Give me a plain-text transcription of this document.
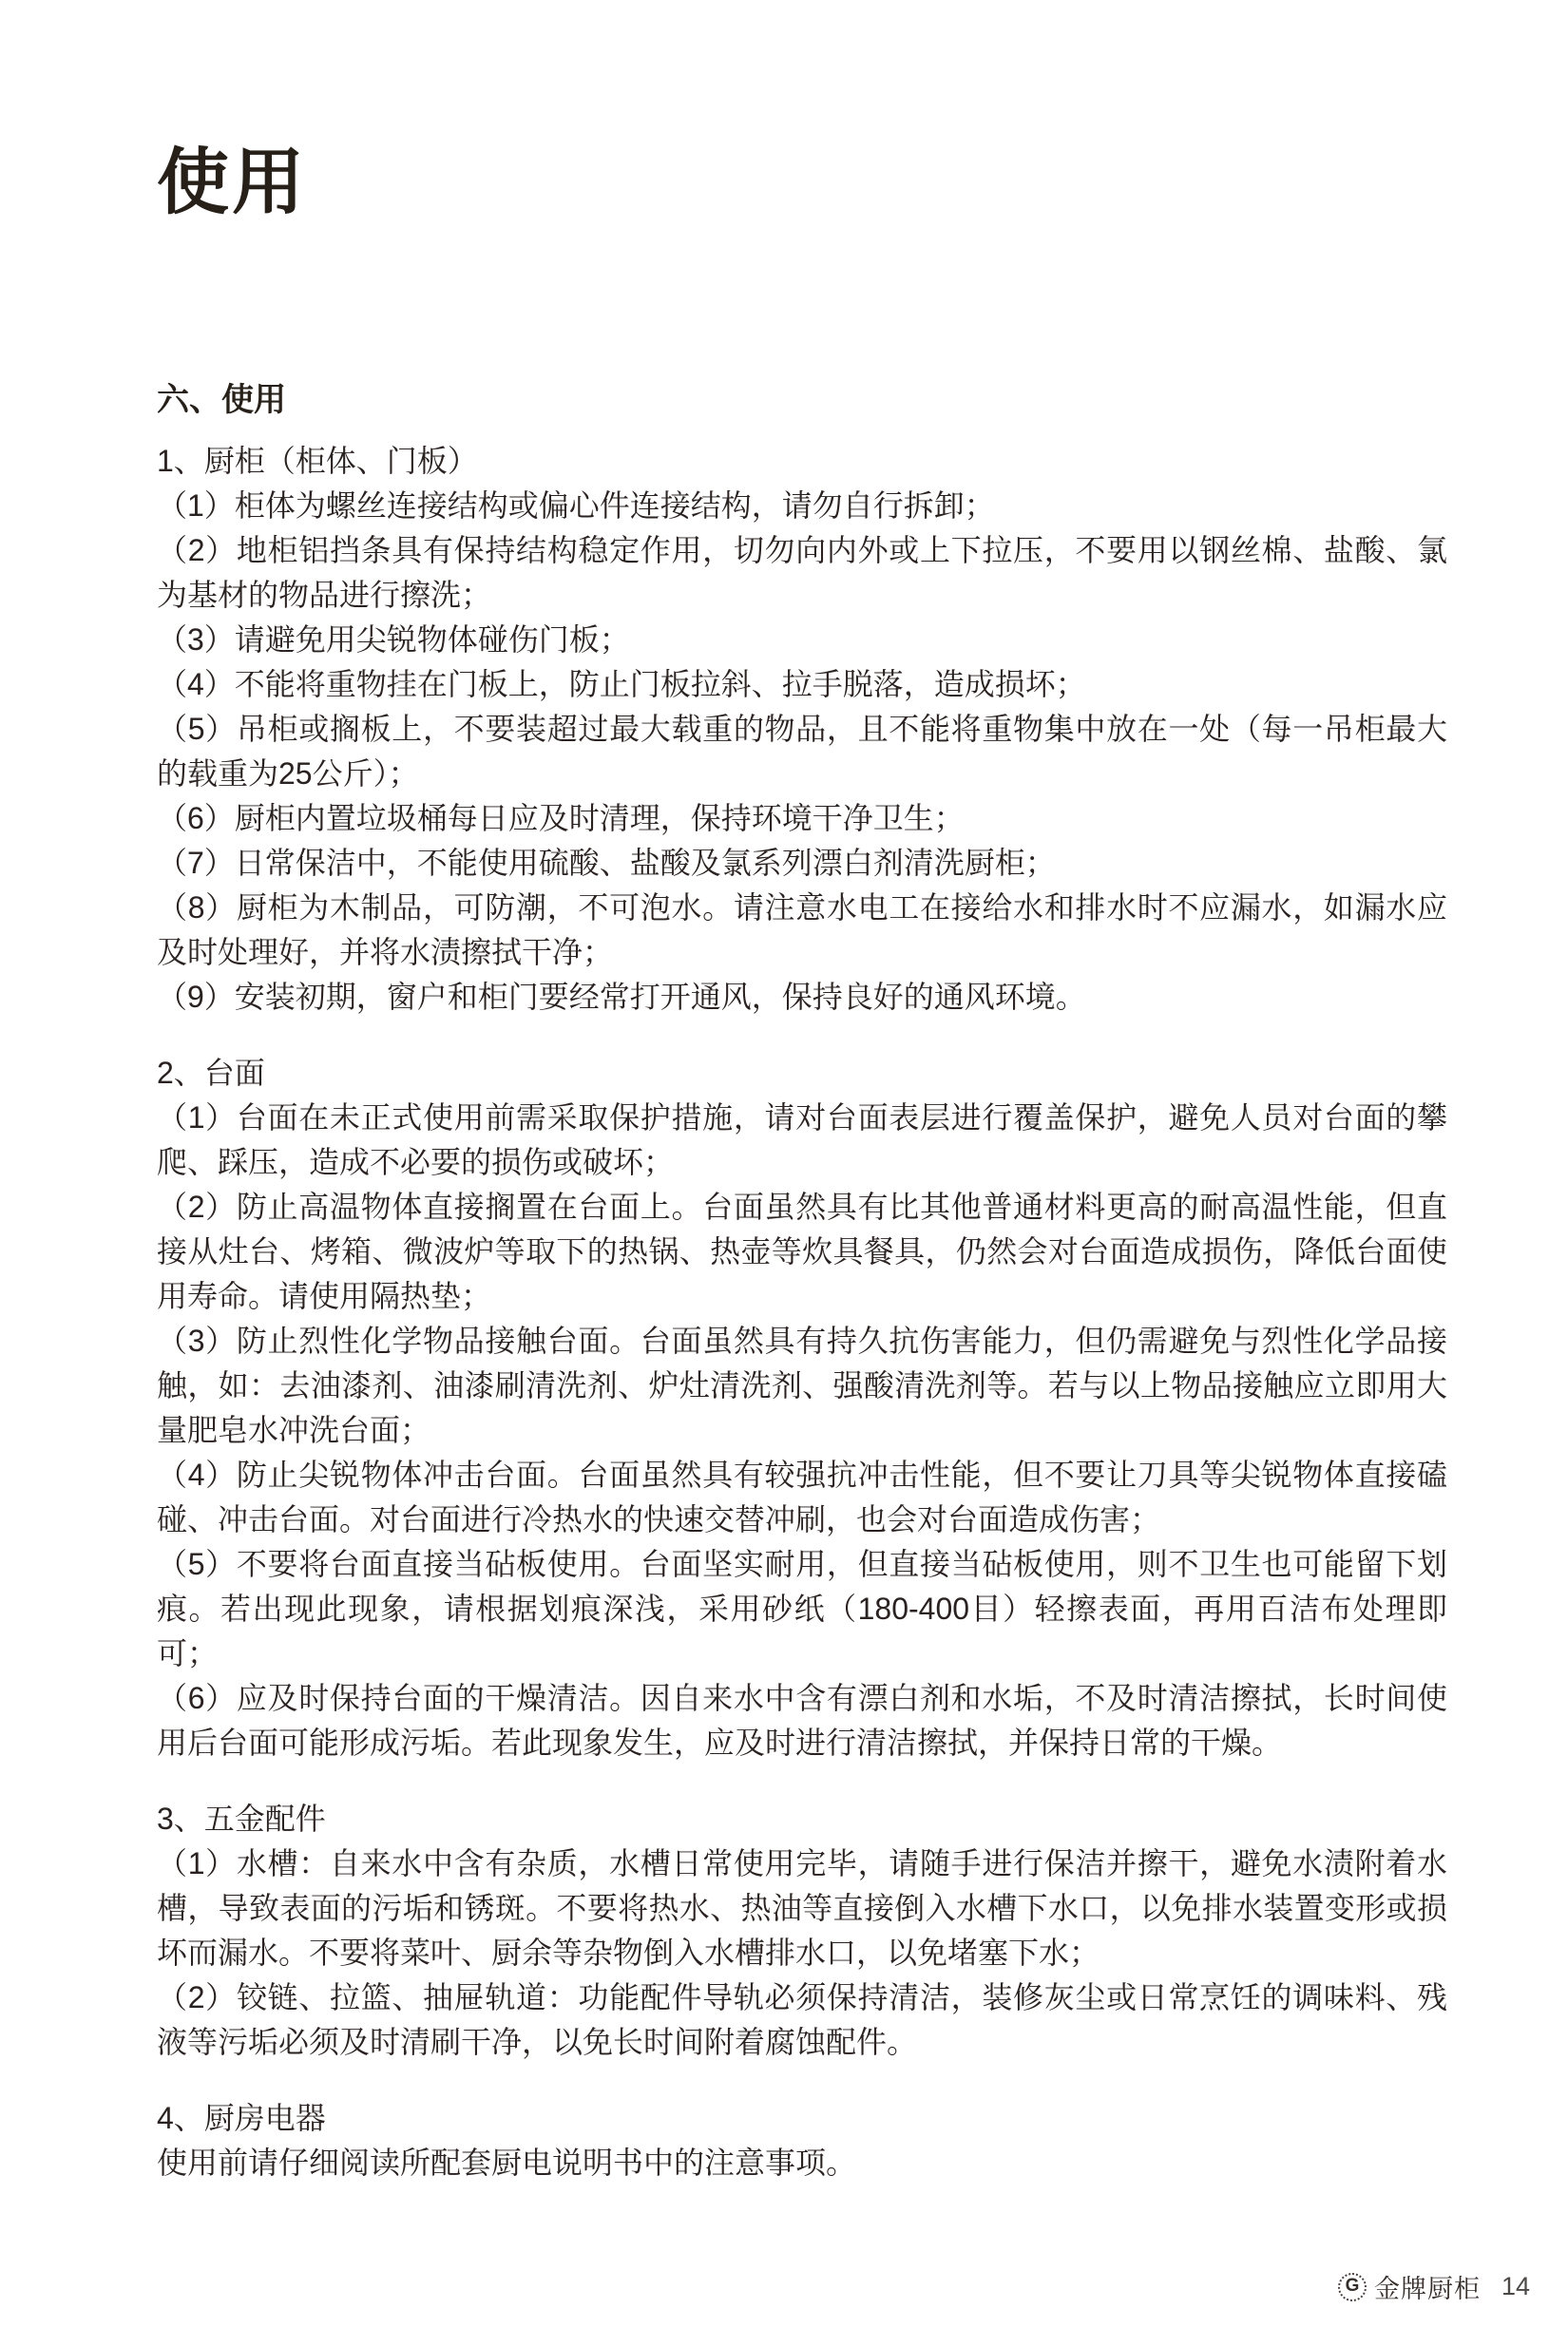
使用
六、使用
1、厨柜（柜体、门板）

（1）柜体为螺丝连接结构或偏心件连接结构，请勿自行拆卸；

（2）地柜铝挡条具有保持结构稳定作用，切勿向内外或上下拉压，不要用以钢丝棉、盐酸、氯为基材的物品进行擦洗；

（3）请避免用尖锐物体碰伤门板；

（4）不能将重物挂在门板上，防止门板拉斜、拉手脱落，造成损坏；

（5）吊柜或搁板上，不要装超过最大载重的物品，且不能将重物集中放在一处（每一吊柜最大的载重为25公斤）；

（6）厨柜内置垃圾桶每日应及时清理，保持环境干净卫生；

（7）日常保洁中，不能使用硫酸、盐酸及氯系列漂白剂清洗厨柜；

（8）厨柜为木制品，可防潮，不可泡水。请注意水电工在接给水和排水时不应漏水，如漏水应及时处理好，并将水渍擦拭干净；

（9）安装初期，窗户和柜门要经常打开通风，保持良好的通风环境。

2、台面

（1）台面在未正式使用前需采取保护措施，请对台面表层进行覆盖保护，避免人员对台面的攀爬、踩压，造成不必要的损伤或破坏；

（2）防止高温物体直接搁置在台面上。台面虽然具有比其他普通材料更高的耐高温性能，但直接从灶台、烤箱、微波炉等取下的热锅、热壶等炊具餐具，仍然会对台面造成损伤，降低台面使用寿命。请使用隔热垫；

（3）防止烈性化学物品接触台面。台面虽然具有持久抗伤害能力，但仍需避免与烈性化学品接触，如：去油漆剂、油漆刷清洗剂、炉灶清洗剂、强酸清洗剂等。若与以上物品接触应立即用大量肥皂水冲洗台面；

（4）防止尖锐物体冲击台面。台面虽然具有较强抗冲击性能，但不要让刀具等尖锐物体直接磕碰、冲击台面。对台面进行冷热水的快速交替冲刷，也会对台面造成伤害；

（5）不要将台面直接当砧板使用。台面坚实耐用，但直接当砧板使用，则不卫生也可能留下划痕。若出现此现象，请根据划痕深浅，采用砂纸（180-400目）轻擦表面，再用百洁布处理即可；

（6）应及时保持台面的干燥清洁。因自来水中含有漂白剂和水垢，不及时清洁擦拭，长时间使用后台面可能形成污垢。若此现象发生，应及时进行清洁擦拭，并保持日常的干燥。

3、五金配件

（1）水槽：自来水中含有杂质，水槽日常使用完毕，请随手进行保洁并擦干，避免水渍附着水槽，导致表面的污垢和锈斑。不要将热水、热油等直接倒入水槽下水口，以免排水装置变形或损坏而漏水。不要将菜叶、厨余等杂物倒入水槽排水口，以免堵塞下水；

（2）铰链、拉篮、抽屉轨道：功能配件导轨必须保持清洁，装修灰尘或日常烹饪的调味料、残液等污垢必须及时清刷干净，以免长时间附着腐蚀配件。

4、厨房电器

使用前请仔细阅读所配套厨电说明书中的注意事项。

G 金牌厨柜 14
